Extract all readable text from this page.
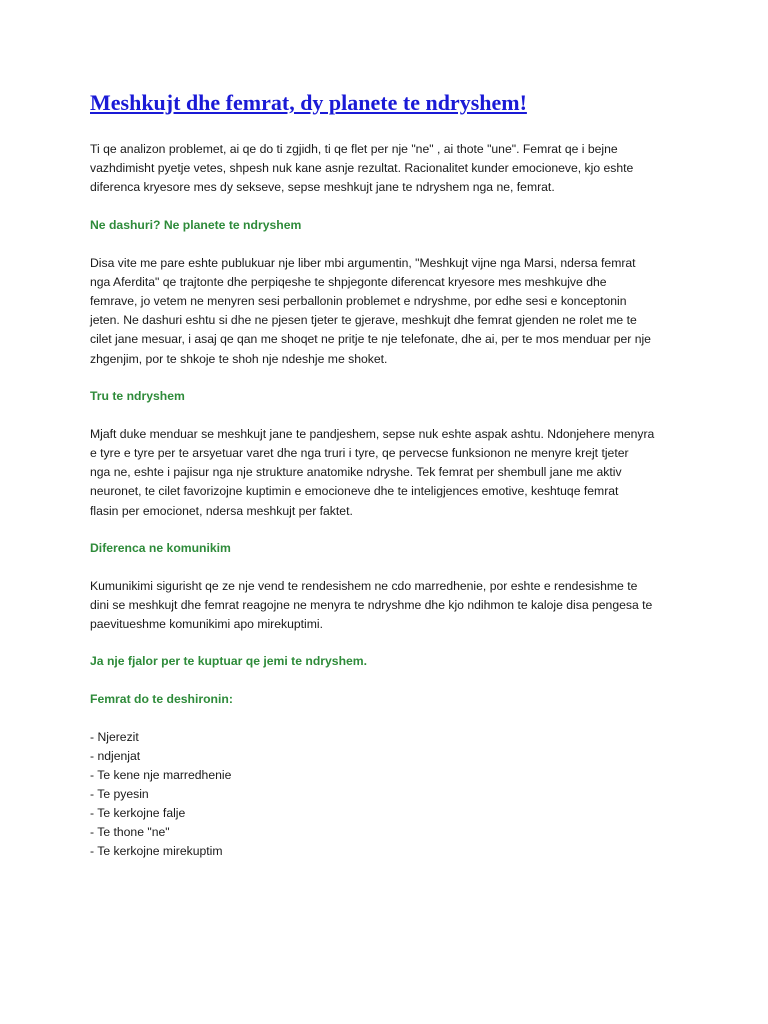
Meshkujt dhe femrat, dy planete te ndryshem!

Ti qe analizon problemet, ai qe do ti zgjidh, ti qe flet per nje "ne" , ai thote "une". Femrat qe i bejne
vazhdimisht pyetje vetes, shpesh nuk kane asnje rezultat. Racionalitet kunder emocioneve, kjo eshte
diferenca kryesore mes dy sekseve, sepse meshkujt jane te ndryshem nga ne, femrat.

Ne dashuri? Ne planete te ndryshem

Disa vite me pare eshte publukuar nje liber mbi argumentin, "Meshkujt vijne nga Marsi, ndersa femrat
nga Aferdita" qe trajtonte dhe perpiqeshe te shpjegonte diferencat kryesore mes meshkujve dhe
femrave, jo vetem ne menyren sesi perballonin problemet e ndryshme, por edhe sesi e konceptonin
jeten. Ne dashuri eshtu si dhe ne pjesen tjeter te gjerave, meshkujt dhe femrat gjenden ne rolet me te
cilet jane mesuar, i asaj qe qan me shoqet ne pritje te nje telefonate, dhe ai, per te mos menduar per nje
zhgenjim, por te shkoje te shoh nje ndeshje me shoket.

Tru te ndryshem

Mjaft duke menduar se meshkujt jane te pandjeshem, sepse nuk eshte aspak ashtu. Ndonjehere menyra
e tyre e tyre per te arsyetuar varet dhe nga truri i tyre, qe pervecse funksionon ne menyre krejt tjeter
nga ne, eshte i pajisur nga nje strukture anatomike ndryshe. Tek femrat per shembull jane me aktiv
neuronet, te cilet favorizojne kuptimin e emocioneve dhe te inteligjences emotive, keshtuqe femrat
flasin per emocionet, ndersa meshkujt per faktet.

Diferenca ne komunikim

Kumunikimi sigurisht qe ze nje vend te rendesishem ne cdo marredhenie, por eshte e rendesishme te
dini se meshkujt dhe femrat reagojne ne menyra te ndryshme dhe kjo ndihmon te kaloje disa pengesa te
paevitueshme komunikimi apo mirekuptimi.

Ja nje fjalor per te kuptuar qe jemi te ndryshem.
Femrat do te deshironin:
- Njerezit
- ndjenjat
- Te kene nje marredhenie
- Te pyesin
- Te kerkojne falje
- Te thone "ne"
- Te kerkojne mirekuptim
